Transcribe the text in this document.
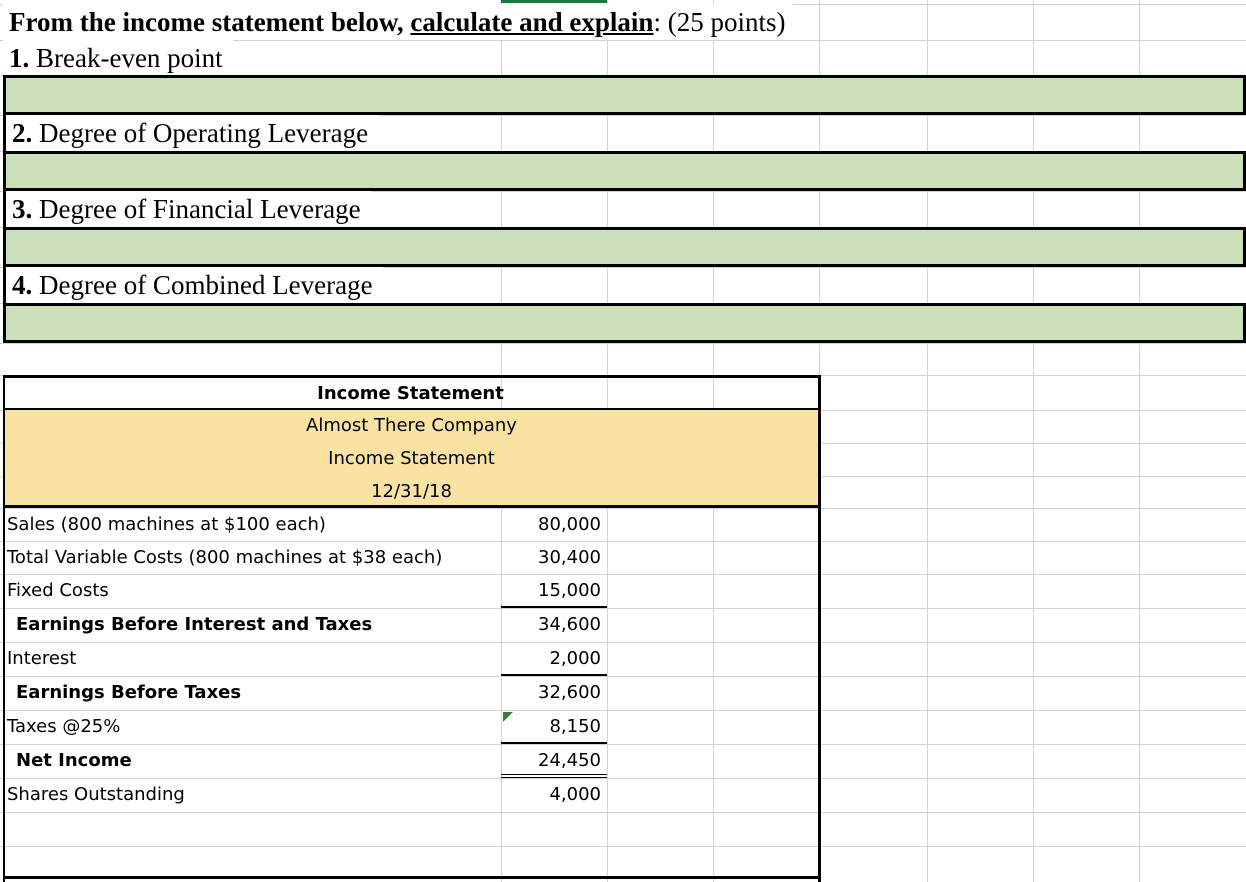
From the income statement below, calculate and explain: (25 points)
1. Break-even point
2. Degree of Operating Leverage
3. Degree of Financial Leverage
4. Degree of Combined Leverage
Income Statement
Almost There Company
Income Statement
12/31/18
Sales (800 machines at $100 each)	80,000
Total Variable Costs (800 machines at $38 each)	30,400
Fixed Costs	15,000
Earnings Before Interest and Taxes	34,600
Interest	2,000
Earnings Before Taxes	32,600
Taxes @25%	8,150
Net Income	24,450
Shares Outstanding	4,000
